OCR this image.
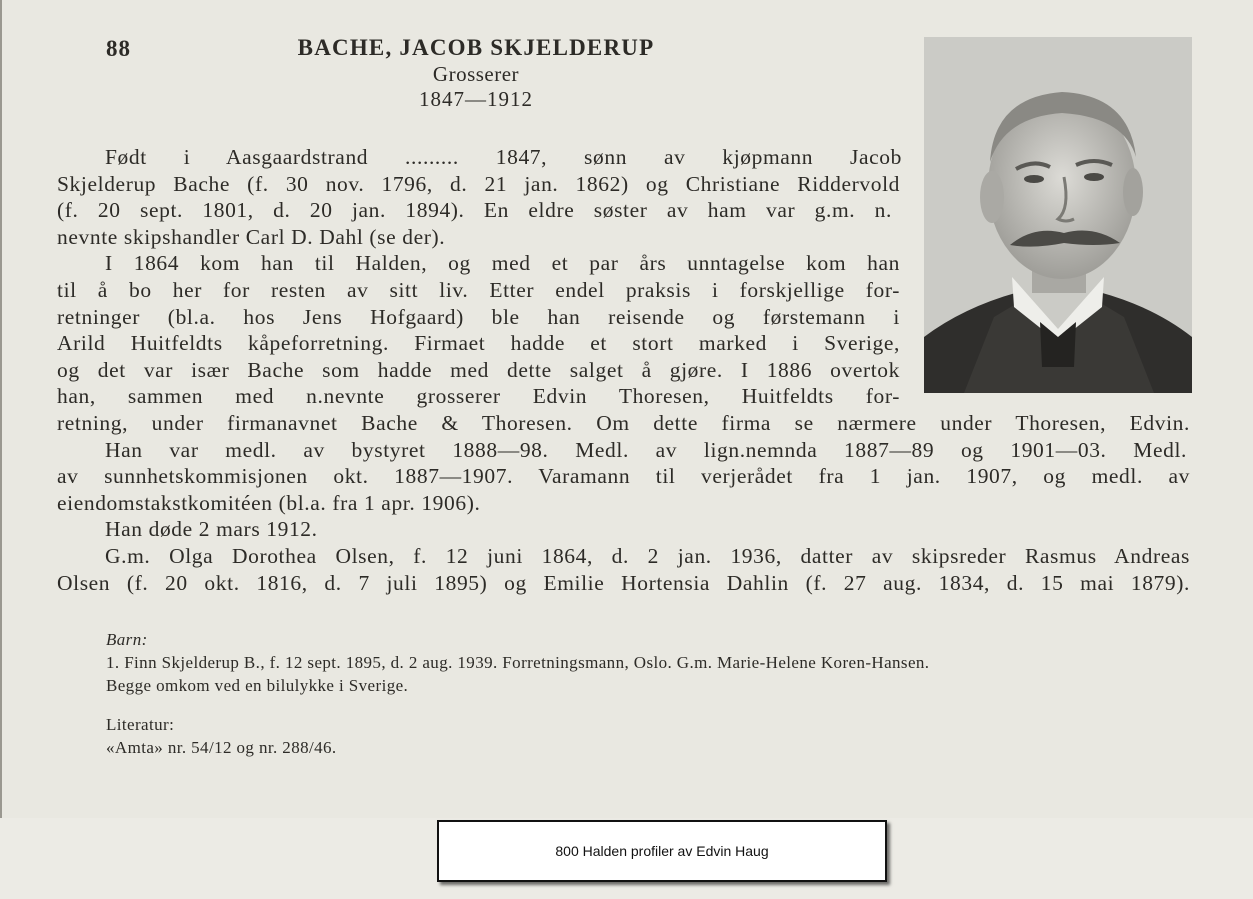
88	BACHE, JACOB SKJELDERUP
Grosserer
1847—1912
Født i Aasgaardstrand ......... 1847, sønn av kjøpmann Jacob
Skjelderup Bache (f. 30 nov. 1796, d. 21 jan. 1862) og Christiane Riddervold
(f. 20 sept. 1801, d. 20 jan. 1894). En eldre søster av ham var g.m. n.
nevnte skipshandler Carl D. Dahl (se der).
I 1864 kom han til Halden, og med et par års unntagelse kom han
til å bo her for resten av sitt liv. Etter endel praksis i forskjellige for-
retninger (bl.a. hos Jens Hofgaard) ble han reisende og førstemann i
Arild Huitfeldts kåpeforretning. Firmaet hadde et stort marked i Sverige,
og det var især Bache som hadde med dette salget å gjøre. I 1886 overtok
han, sammen med n.nevnte grosserer Edvin Thoresen, Huitfeldts for-
retning, under firmanavnet Bache & Thoresen. Om dette firma se nærmere under Thoresen, Edvin.
Han var medl. av bystyret 1888—98. Medl. av lign.nemnda 1887—89 og 1901—03. Medl.
av sunnhetskommisjonen okt. 1887—1907. Varamann til verjerådet fra 1 jan. 1907, og medl. av
eiendomstakstkomitéen (bl.a. fra 1 apr. 1906).
Han døde 2 mars 1912.
G.m. Olga Dorothea Olsen, f. 12 juni 1864, d. 2 jan. 1936, datter av skipsreder Rasmus Andreas
Olsen (f. 20 okt. 1816, d. 7 juli 1895) og Emilie Hortensia Dahlin (f. 27 aug. 1834, d. 15 mai 1879).
Barn:
1. Finn Skjelderup B., f. 12 sept. 1895, d. 2 aug. 1939. Forretningsmann, Oslo. G.m. Marie-Helene Koren-Hansen.
Begge omkom ved en bilulykke i Sverige.
Literatur:
«Amta» nr. 54/12 og nr. 288/46.
800 Halden profiler av Edvin Haug
